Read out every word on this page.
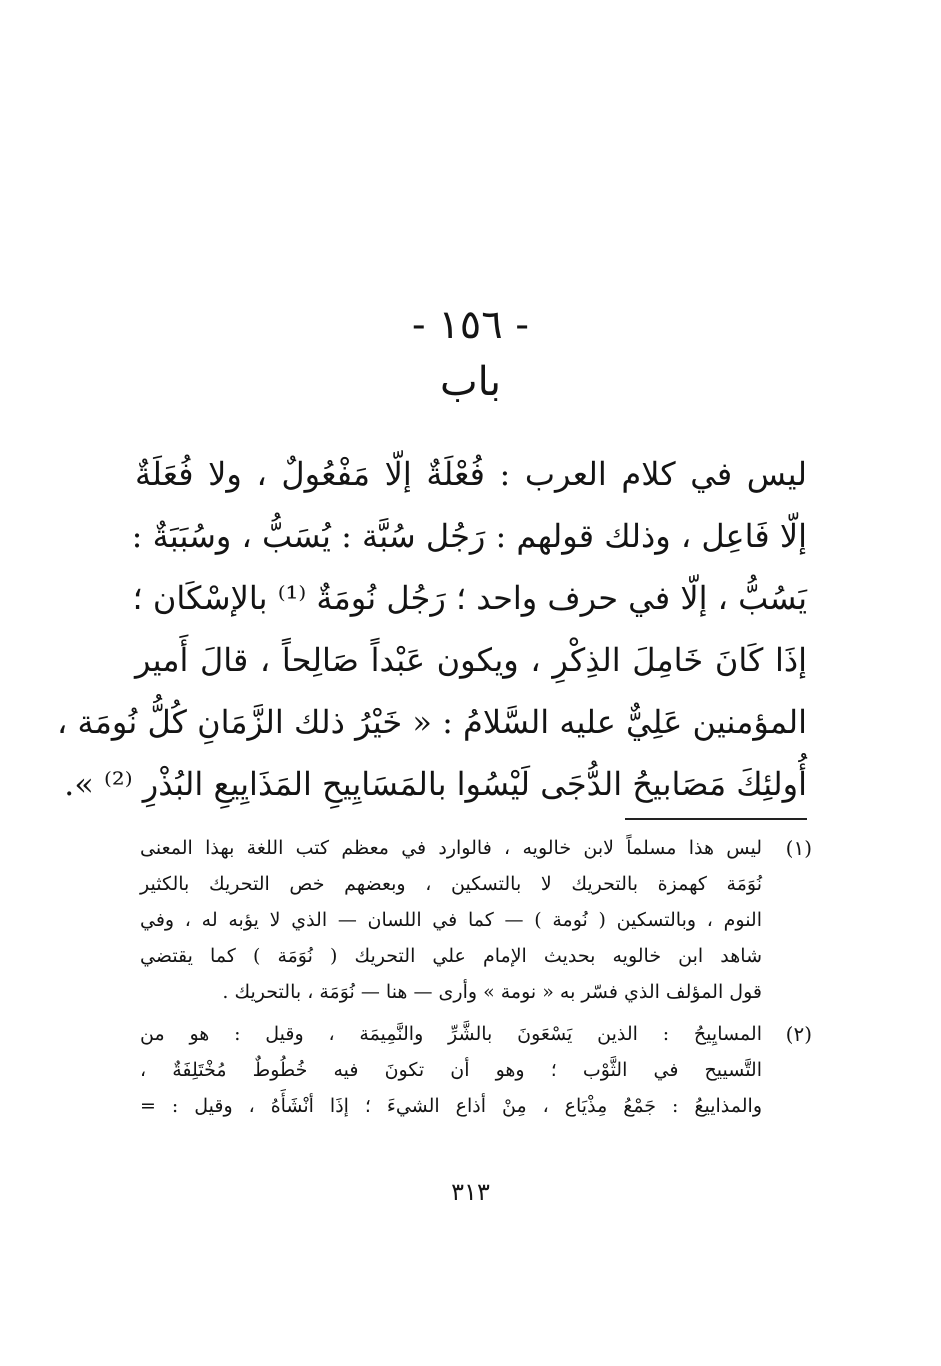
- ١٥٦ -
باب
ليس في كلام العرب : فُعْلَةٌ إلّا مَفْعُولٌ ، ولا فُعَلَةٌ
إلّا فَاعِل ، وذلك قولهم : رَجُل سُبَّة : يُسَبُّ ، وسُبَبَةٌ :
يَسُبُّ ، إلّا في حرف واحد ؛ رَجُل نُومَةٌ ⁽¹⁾ بالإسْكَان ؛
إذَا كَانَ خَامِلَ الذِكْرِ ، ويكون عَبْداً صَالِحاً ، قالَ أَمير
المؤمنين عَلِيٌّ عليه السَّلامُ : « خَيْرُ ذلك الزَّمَانِ كُلُّ نُومَة ،
أُولئِكَ مَصَابيحُ الدُّجَى لَيْسُوا بالمَسَايِيحِ المَذَايِيعِ البُذْرِ ⁽²⁾ ».
(١)
ليس هذا مسلماً لابن خالويه ، فالوارد في معظم كتب اللغة بهذا المعنى
نُوَمَة كهمزة بالتحريك لا بالتسكين ، وبعضهم خص التحريك بالكثير
النوم ، وبالتسكين ( نُومة ) — كما في اللسان — الذي لا يؤبه له ، وفي
شاهد ابن خالويه بحديث الإمام علي التحريك ( نُوَمَة ) كما يقتضي
قول المؤلف الذي فسّر به « نومة » وأرى — هنا — نُوَمَة ، بالتحريك .
(٢)
المسايِيحُ : الذين يَسْعَونَ بالشَّرِّ والنَّمِيمَة ، وقيل : هو من
التَّسييح في الثَّوْب ؛ وهو أن تكونَ فيه خُطُوطٌ مُخْتَلِفَةٌ ،
والمذاييعُ : جَمْعُ مِذْيَاع ، مِنْ أذاع الشيءَ ؛ إذَا أنْشَأَهُ ، وقيل : =
٣١٣
